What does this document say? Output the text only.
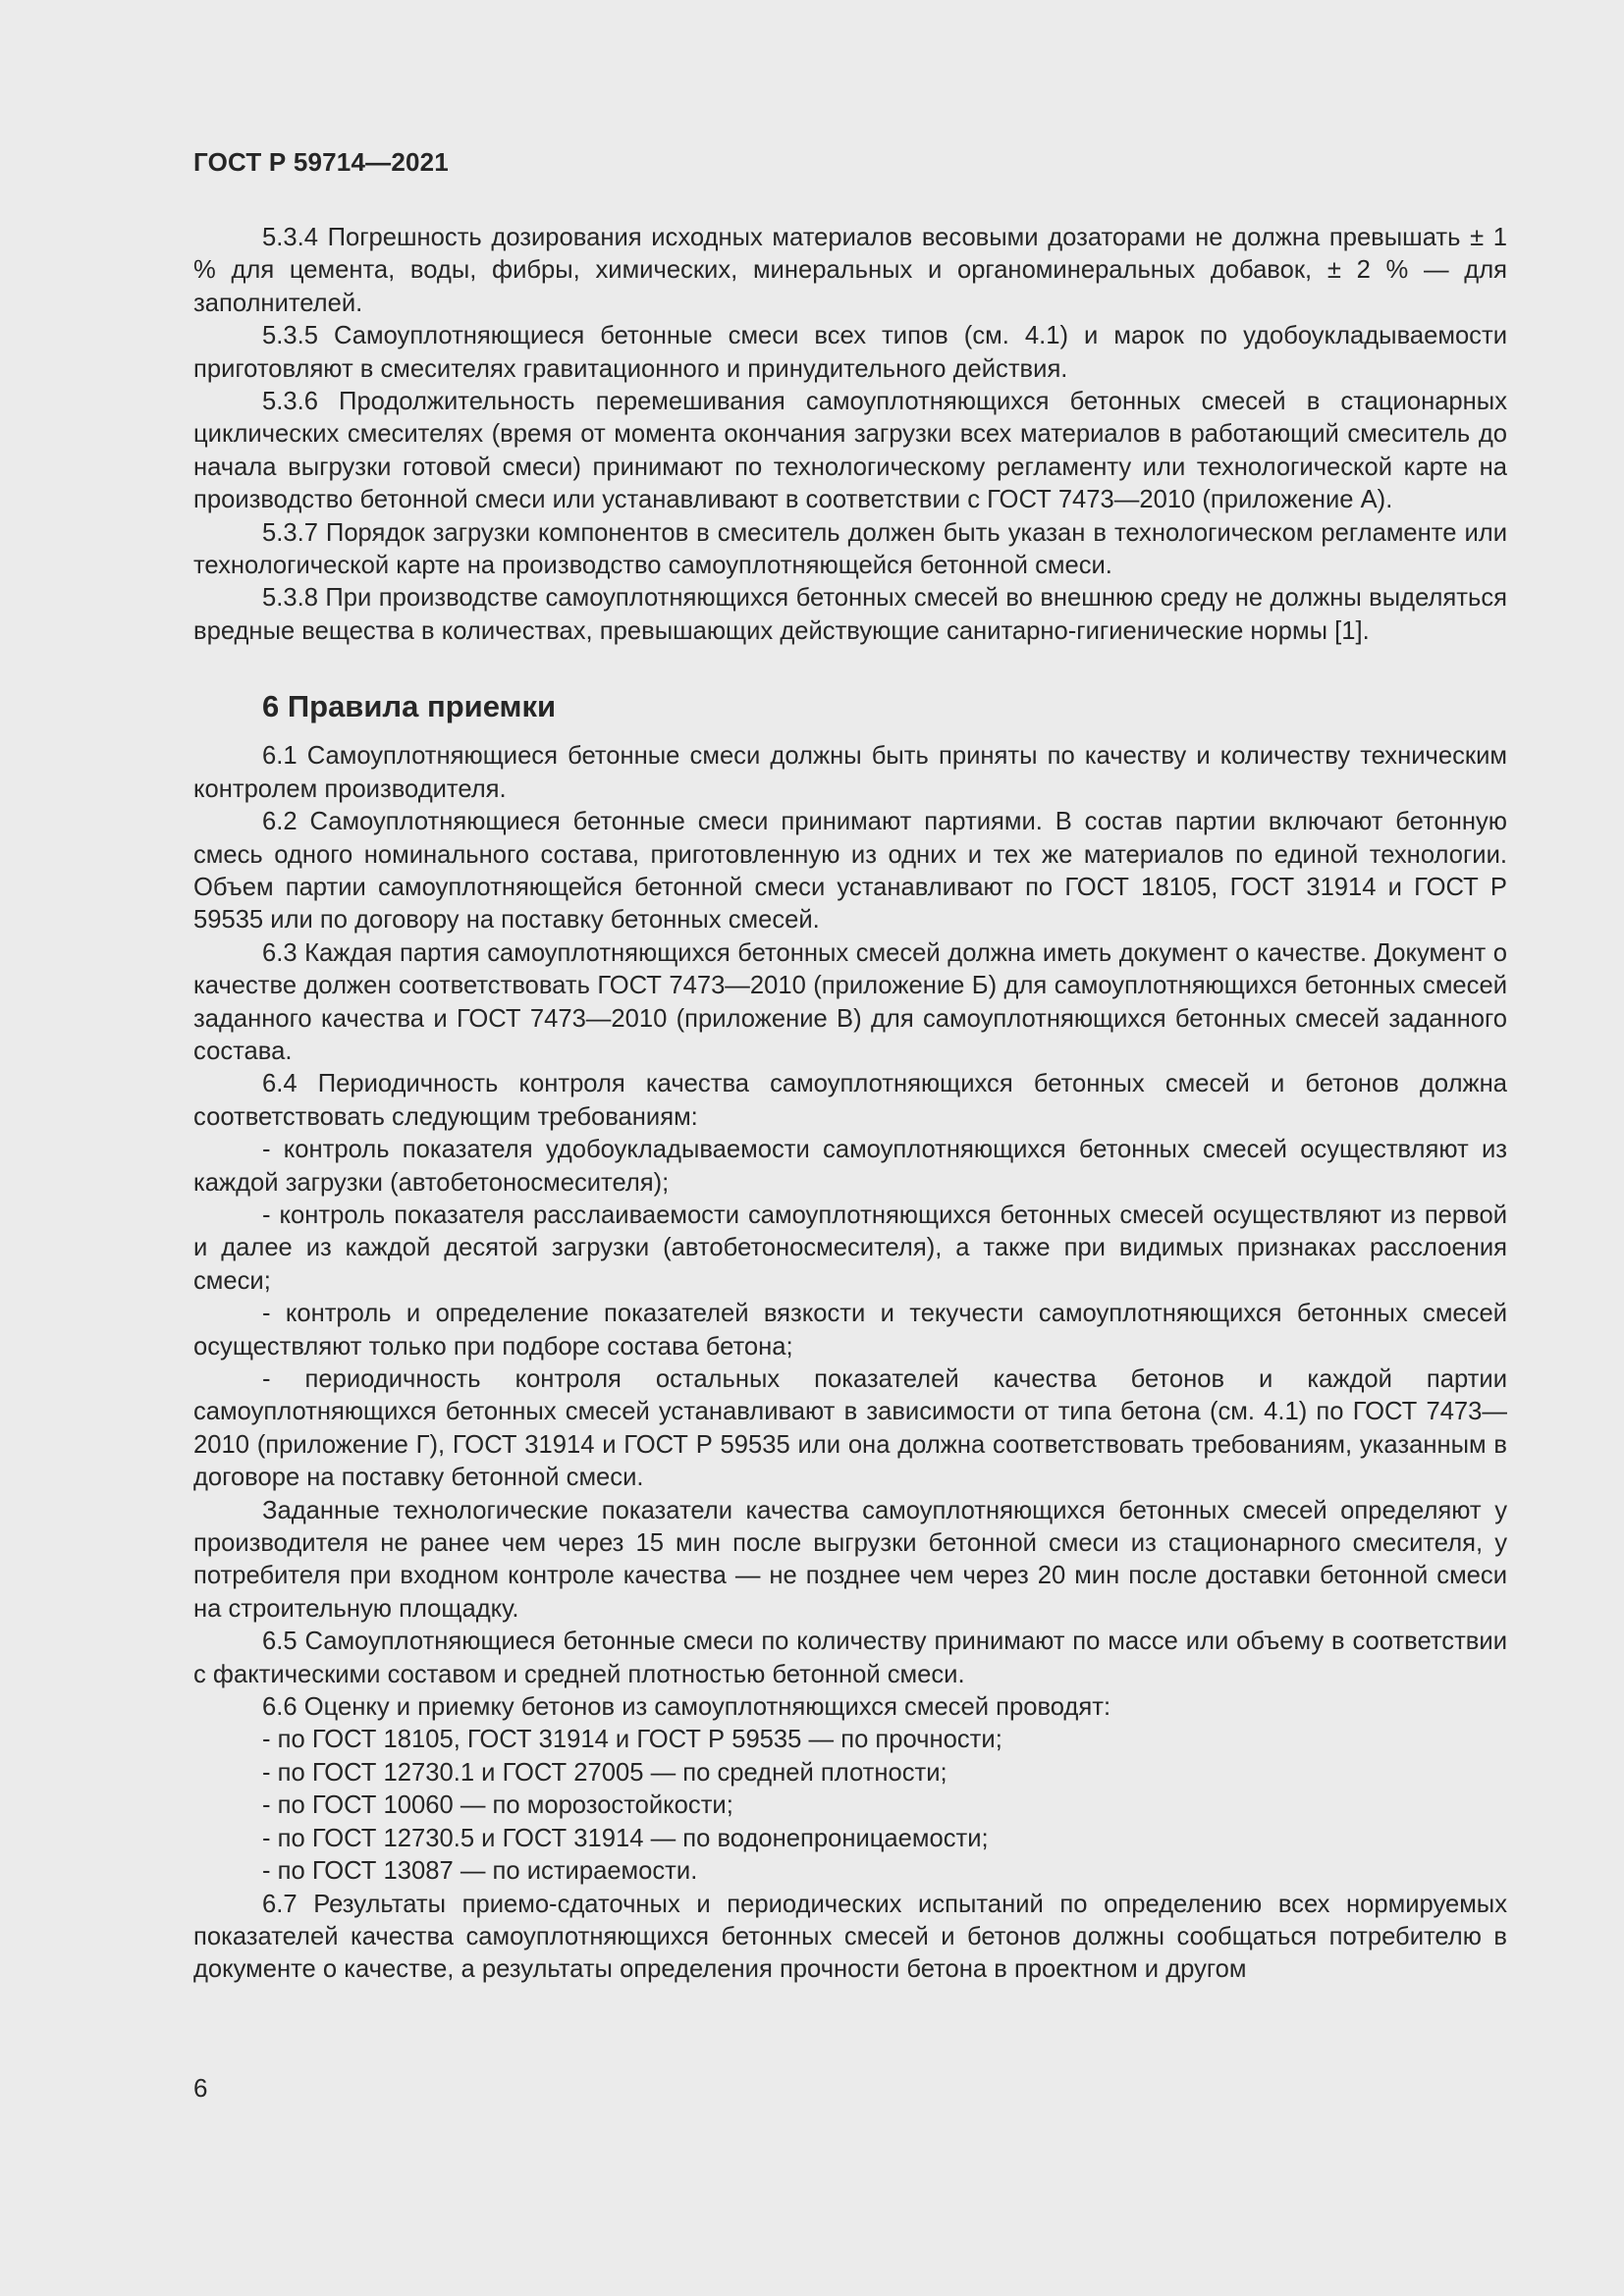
ГОСТ Р 59714—2021

5.3.4 Погрешность дозирования исходных материалов весовыми дозаторами не должна превышать ± 1 % для цемента, воды, фибры, химических, минеральных и органоминеральных добавок, ± 2 % — для заполнителей.

5.3.5 Самоуплотняющиеся бетонные смеси всех типов (см. 4.1) и марок по удобоукладываемости приготовляют в смесителях гравитационного и принудительного действия.

5.3.6 Продолжительность перемешивания самоуплотняющихся бетонных смесей в стационарных циклических смесителях (время от момента окончания загрузки всех материалов в работающий смеситель до начала выгрузки готовой смеси) принимают по технологическому регламенту или технологической карте на производство бетонной смеси или устанавливают в соответствии с ГОСТ 7473—2010 (приложение А).

5.3.7 Порядок загрузки компонентов в смеситель должен быть указан в технологическом регламенте или технологической карте на производство самоуплотняющейся бетонной смеси.

5.3.8 При производстве самоуплотняющихся бетонных смесей во внешнюю среду не должны выделяться вредные вещества в количествах, превышающих действующие санитарно-гигиенические нормы [1].

6 Правила приемки

6.1 Самоуплотняющиеся бетонные смеси должны быть приняты по качеству и количеству техническим контролем производителя.

6.2 Самоуплотняющиеся бетонные смеси принимают партиями. В состав партии включают бетонную смесь одного номинального состава, приготовленную из одних и тех же материалов по единой технологии. Объем партии самоуплотняющейся бетонной смеси устанавливают по ГОСТ 18105, ГОСТ 31914 и ГОСТ Р 59535 или по договору на поставку бетонных смесей.

6.3 Каждая партия самоуплотняющихся бетонных смесей должна иметь документ о качестве. Документ о качестве должен соответствовать ГОСТ 7473—2010 (приложение Б) для самоуплотняющихся бетонных смесей заданного качества и ГОСТ 7473—2010 (приложение В) для самоуплотняющихся бетонных смесей заданного состава.

6.4 Периодичность контроля качества самоуплотняющихся бетонных смесей и бетонов должна соответствовать следующим требованиям:

- контроль показателя удобоукладываемости самоуплотняющихся бетонных смесей осуществляют из каждой загрузки (автобетоносмесителя);

- контроль показателя расслаиваемости самоуплотняющихся бетонных смесей осуществляют из первой и далее из каждой десятой загрузки (автобетоносмесителя), а также при видимых признаках расслоения смеси;

- контроль и определение показателей вязкости и текучести самоуплотняющихся бетонных смесей осуществляют только при подборе состава бетона;

- периодичность контроля остальных показателей качества бетонов и каждой партии самоуплотняющихся бетонных смесей устанавливают в зависимости от типа бетона (см. 4.1) по ГОСТ 7473—2010 (приложение Г), ГОСТ 31914 и ГОСТ Р 59535 или она должна соответствовать требованиям, указанным в договоре на поставку бетонной смеси.

Заданные технологические показатели качества самоуплотняющихся бетонных смесей определяют у производителя не ранее чем через 15 мин после выгрузки бетонной смеси из стационарного смесителя, у потребителя при входном контроле качества — не позднее чем через 20 мин после доставки бетонной смеси на строительную площадку.

6.5 Самоуплотняющиеся бетонные смеси по количеству принимают по массе или объему в соответствии с фактическими составом и средней плотностью бетонной смеси.

6.6 Оценку и приемку бетонов из самоуплотняющихся смесей проводят:

- по ГОСТ 18105, ГОСТ 31914 и ГОСТ Р 59535 — по прочности;

- по ГОСТ 12730.1 и ГОСТ 27005 — по средней плотности;

- по ГОСТ 10060 — по морозостойкости;

- по ГОСТ 12730.5 и ГОСТ 31914 — по водонепроницаемости;

- по ГОСТ 13087 — по истираемости.

6.7 Результаты приемо-сдаточных и периодических испытаний по определению всех нормируемых показателей качества самоуплотняющихся бетонных смесей и бетонов должны сообщаться потребителю в документе о качестве, а результаты определения прочности бетона в проектном и другом

6
